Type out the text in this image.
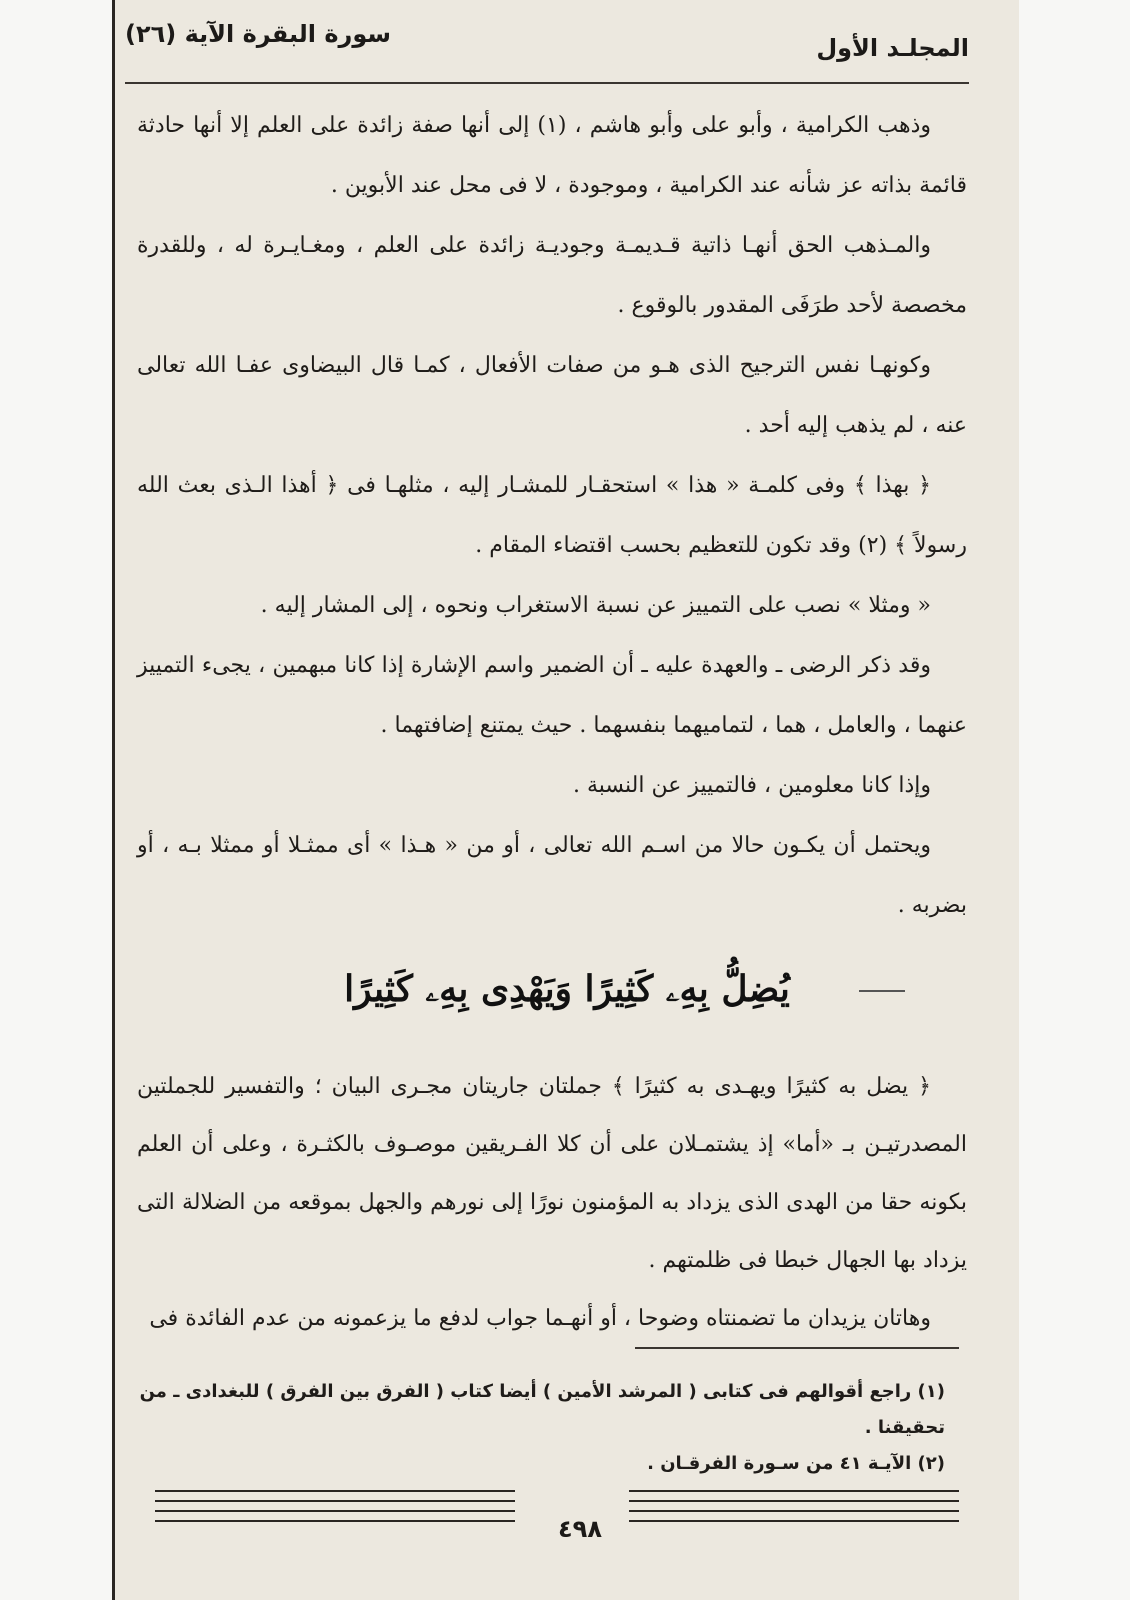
سورة البقرة الآية (٢٦)	المجلـد الأول

وذهب الكرامية ، وأبو على وأبو هاشم ، (١) إلى أنها صفة زائدة على العلم إلا أنها حادثة قائمة بذاته عز شأنه عند الكرامية ، وموجودة ، لا فى محل عند الأبوين .

والمـذهب الحق أنهـا ذاتية قـديمـة وجوديـة زائدة على العلم ، ومغـايـرة له ، وللقدرة مخصصة لأحد طرَفَى المقدور بالوقوع .

وكونهـا نفس الترجيح الذى هـو من صفات الأفعال ، كمـا قال البيضاوى عفـا الله تعالى عنه ، لم يذهب إليه أحد .

﴿ بهذا ﴾ وفى كلمـة « هذا » استحقـار للمشـار إليه ، مثلهـا فى ﴿ أهذا الـذى بعث الله رسولاً ﴾ (٢) وقد تكون للتعظيم بحسب اقتضاء المقام .

« ومثلا » نصب على التمييز عن نسبة الاستغراب ونحوه ، إلى المشار إليه .

وقد ذكر الرضى ـ والعهدة عليه ـ أن الضمير واسم الإشارة إذا كانا مبهمين ، يجىء التمييز عنهما ، والعامل ، هما ، لتماميهما بنفسهما . حيث يمتنع إضافتهما .

وإذا كانا معلومين ، فالتمييز عن النسبة .

ويحتمل أن يكـون حالا من اسـم الله تعالى ، أو من « هـذا » أى ممثـلا أو ممثلا بـه ، أو بضربه .

يُضِلُّ بِهِۦ كَثِيرًا وَيَهْدِى بِهِۦ كَثِيرًا

﴿ يضل به كثيرًا ويهـدى به كثيرًا ﴾ جملتان جاريتان مجـرى البيان ؛ والتفسير للجملتين المصدرتيـن بـ «أما» إذ يشتمـلان على أن كلا الفـريقين موصـوف بالكثـرة ، وعلى أن العلم بكونه حقا من الهدى الذى يزداد به المؤمنون نورًا إلى نورهم والجهل بموقعه من الضلالة التى يزداد بها الجهال خبطا فى ظلمتهم .

وهاتان يزيدان ما تضمنتاه وضوحا ، أو أنهـما جواب لدفع ما يزعمونه من عدم الفائدة فى

(١) راجع أقوالهم فى كتابى ( المرشد الأمين ) أيضا كتاب ( الفرق بين الفرق ) للبغدادى ـ من تحقيقنا .
(٢) الآيـة ٤١ من سـورة الفرقـان .
٤٩٨
